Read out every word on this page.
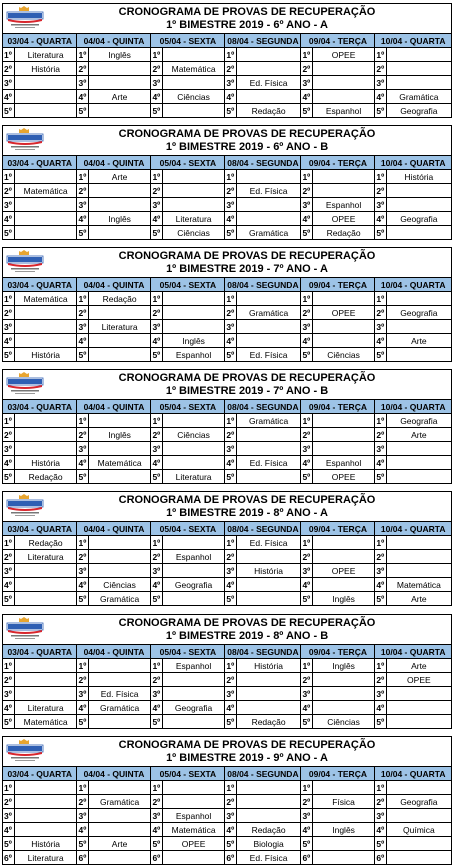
CRONOGRAMA DE PROVAS DE RECUPERAÇÃO
1º BIMESTRE 2019 - 6º ANO - A
03/04 - QUARTA		04/04 - QUINTA		05/04 - SEXTA		08/04 - SEGUNDA		09/04 - TERÇA		10/04 - QUARTA	
1º	Literatura	1º	Inglês	1º		1º		1º	OPEE	1º	
2º	História	2º		2º	Matemática	2º		2º		2º	
3º		3º		3º		3º	Ed. Física	3º		3º	
4º		4º	Arte	4º	Ciências	4º		4º		4º	Gramática
5º		5º		5º		5º	Redação	5º	Espanhol	5º	Geografia
CRONOGRAMA DE PROVAS DE RECUPERAÇÃO
1º BIMESTRE 2019 - 6º ANO - B
03/04 - QUARTA		04/04 - QUINTA		05/04 - SEXTA		08/04 - SEGUNDA		09/04 - TERÇA		10/04 - QUARTA	
1º		1º	Arte	1º		1º		1º		1º	História
2º	Matemática	2º		2º		2º	Ed. Física	2º		2º	
3º		3º		3º		3º		3º	Espanhol	3º	
4º		4º	Inglês	4º	Literatura	4º		4º	OPEE	4º	Geografia
5º		5º		5º	Ciências	5º	Gramática	5º	Redação	5º	
CRONOGRAMA DE PROVAS DE RECUPERAÇÃO
1º BIMESTRE 2019 - 7º ANO - A
03/04 - QUARTA		04/04 - QUINTA		05/04 - SEXTA		08/04 - SEGUNDA		09/04 - TERÇA		10/04 - QUARTA	
1º	Matemática	1º	Redação	1º		1º		1º		1º	
2º		2º		2º		2º	Gramática	2º	OPEE	2º	Geografia
3º		3º	Literatura	3º		3º		3º		3º	
4º		4º		4º	Inglês	4º		4º		4º	Arte
5º	História	5º		5º	Espanhol	5º	Ed. Física	5º	Ciências	5º	
CRONOGRAMA DE PROVAS DE RECUPERAÇÃO
1º BIMESTRE 2019 - 7º ANO - B
03/04 - QUARTA		04/04 - QUINTA		05/04 - SEXTA		08/04 - SEGUNDA		09/04 - TERÇA		10/04 - QUARTA	
1º		1º		1º		1º	Gramática	1º		1º	Geografia
2º		2º	Inglês	2º	Ciências	2º		2º		2º	Arte
3º		3º		3º		3º		3º		3º	
4º	História	4º	Matemática	4º		4º	Ed. Física	4º	Espanhol	4º	
5º	Redação	5º		5º	Literatura	5º		5º	OPEE	5º	
CRONOGRAMA DE PROVAS DE RECUPERAÇÃO
1º BIMESTRE 2019 - 8º ANO - A
03/04 - QUARTA		04/04 - QUINTA		05/04 - SEXTA		08/04 - SEGUNDA		09/04 - TERÇA		10/04 - QUARTA	
1º	Redação	1º		1º		1º	Ed. Física	1º		1º	
2º	Literatura	2º		2º	Espanhol	2º		2º		2º	
3º		3º		3º		3º	História	3º	OPEE	3º	
4º		4º	Ciências	4º	Geografia	4º		4º		4º	Matemática
5º		5º	Gramática	5º		5º		5º	Inglês	5º	Arte
CRONOGRAMA DE PROVAS DE RECUPERAÇÃO
1º BIMESTRE 2019 - 8º ANO - B
03/04 - QUARTA		04/04 - QUINTA		05/04 - SEXTA		08/04 - SEGUNDA		09/04 - TERÇA		10/04 - QUARTA	
1º		1º		1º	Espanhol	1º	História	1º	Inglês	1º	Arte
2º		2º		2º		2º		2º		2º	OPEE
3º		3º	Ed. Física	3º		3º		3º		3º	
4º	Literatura	4º	Gramática	4º	Geografia	4º		4º		4º	
5º	Matemática	5º		5º		5º	Redação	5º	Ciências	5º	
CRONOGRAMA DE PROVAS DE RECUPERAÇÃO
1º BIMESTRE 2019 - 9º ANO - A
03/04 - QUARTA		04/04 - QUINTA		05/04 - SEXTA		08/04 - SEGUNDA		09/04 - TERÇA		10/04 - QUARTA	
1º		1º		1º		1º		1º		1º	
2º		2º	Gramática	2º		2º		2º	Física	2º	Geografia
3º		3º		3º	Espanhol	3º		3º		3º	
4º		4º		4º	Matemática	4º	Redação	4º	Inglês	4º	Química
5º	História	5º	Arte	5º	OPEE	5º	Biologia	5º		5º	
6º	Literatura	6º		6º		6º	Ed. Física	6º		6º	
